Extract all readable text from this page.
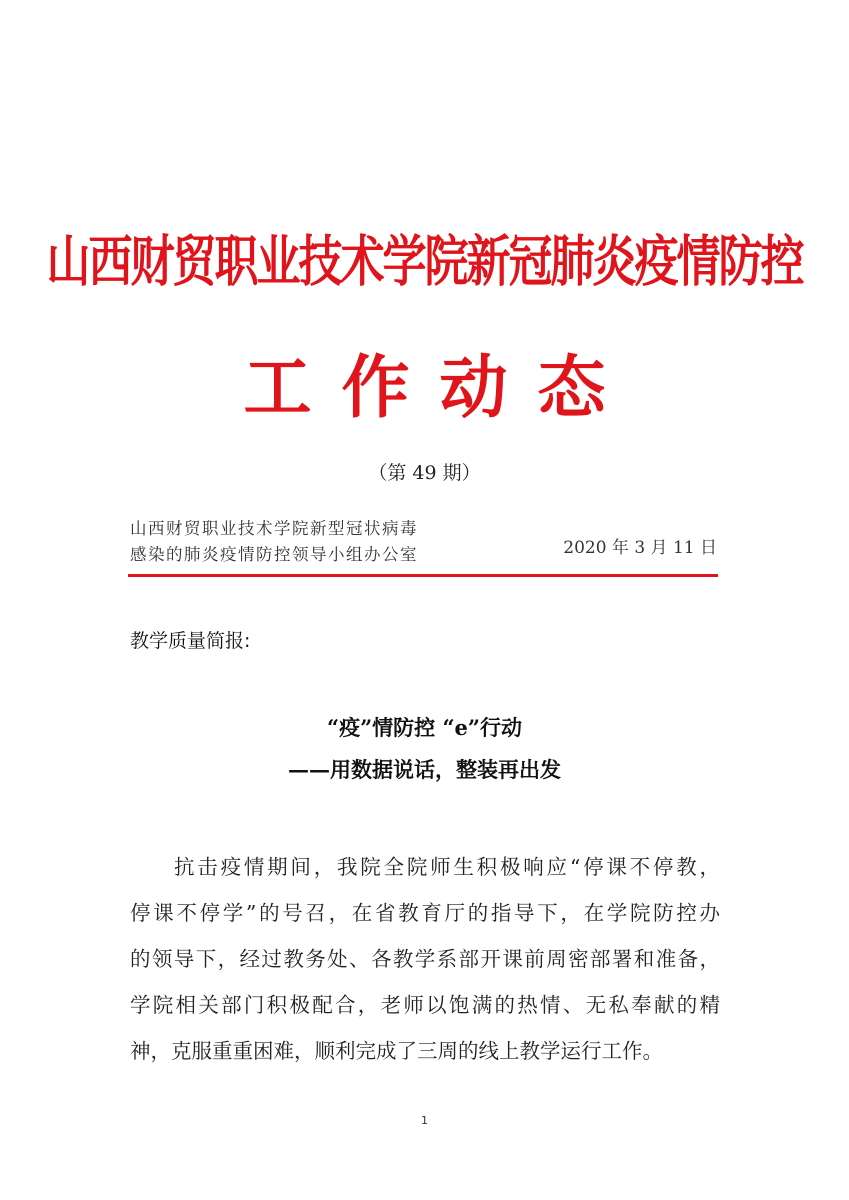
山西财贸职业技术学院新冠肺炎疫情防控
工作动态
（第 49 期）
山西财贸职业技术学院新型冠状病毒
感染的肺炎疫情防控领导小组办公室	2020 年 3 月 11 日
教学质量简报:
“疫”情防控 “e”行动
——用数据说话，整装再出发
抗击疫情期间，我院全院师生积极响应“停课不停教，
停课不停学”的号召，在省教育厅的指导下，在学院防控办
的领导下，经过教务处、各教学系部开课前周密部署和准备，
学院相关部门积极配合，老师以饱满的热情、无私奉献的精
神，克服重重困难，顺利完成了三周的线上教学运行工作。
1
